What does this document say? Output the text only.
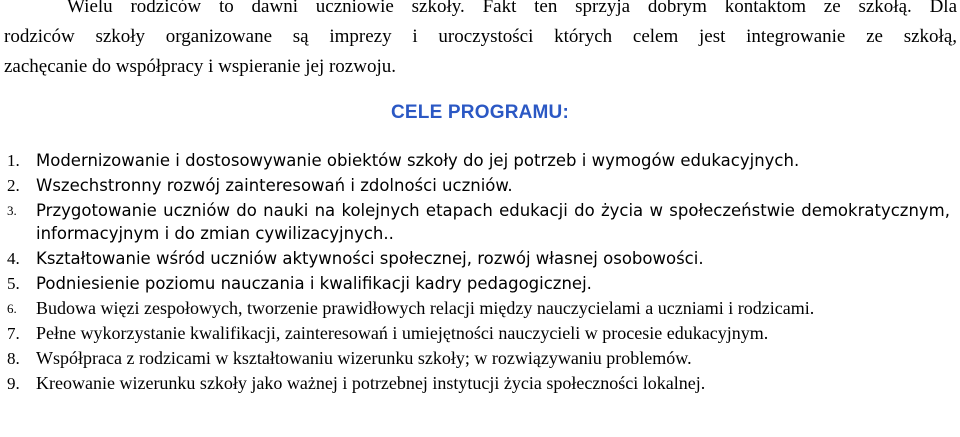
Wielu rodziców to dawni uczniowie szkoły. Fakt ten sprzyja dobrym kontaktom ze szkołą. Dla
rodziców szkoły organizowane są imprezy i uroczystości których celem jest integrowanie ze szkołą,
zachęcanie do współpracy i wspieranie jej rozwoju.
CELE PROGRAMU:
1. Modernizowanie i dostosowywanie obiektów szkoły do jej potrzeb i wymogów edukacyjnych.
2. Wszechstronny rozwój zainteresowań i zdolności uczniów.
3. Przygotowanie uczniów do nauki na kolejnych etapach edukacji do życia w społeczeństwie demokratycznym, informacyjnym i do zmian cywilizacyjnych..
4. Kształtowanie wśród uczniów aktywności społecznej, rozwój własnej osobowości.
5. Podniesienie poziomu nauczania i kwalifikacji kadry pedagogicznej.
6. Budowa więzi zespołowych, tworzenie prawidłowych relacji między nauczycielami a uczniami i rodzicami.
7. Pełne wykorzystanie kwalifikacji, zainteresowań i umiejętności nauczycieli w procesie edukacyjnym.
8. Współpraca z rodzicami w kształtowaniu wizerunku szkoły; w rozwiązywaniu problemów.
9. Kreowanie wizerunku szkoły jako ważnej i potrzebnej instytucji życia społeczności lokalnej.
